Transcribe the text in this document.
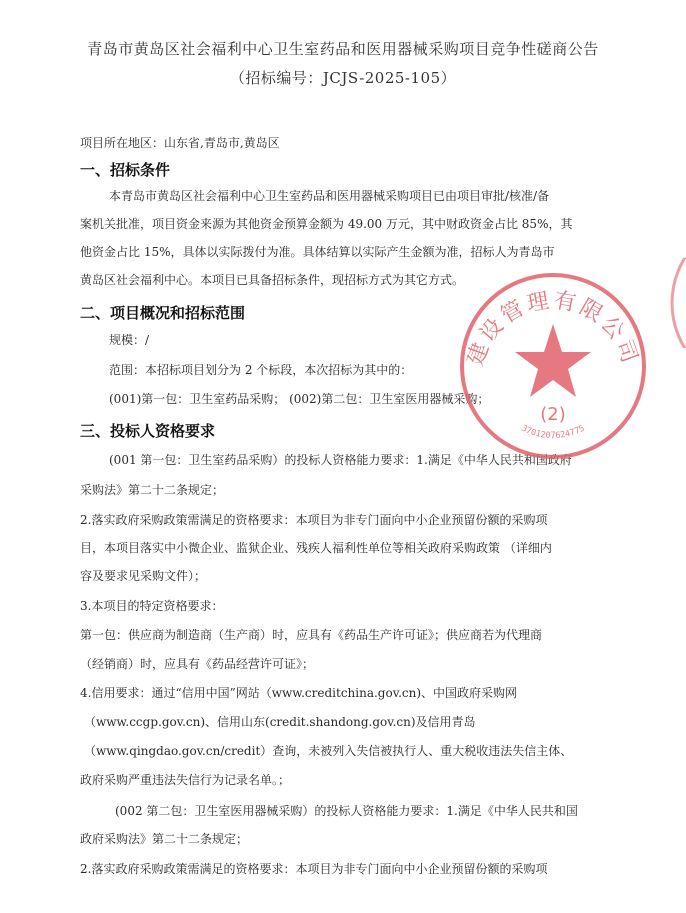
青岛市黄岛区社会福利中心卫生室药品和医用器械采购项目竞争性磋商公告
（招标编号：JCJS-2025-105）
项目所在地区：山东省,青岛市,黄岛区
一、招标条件
本青岛市黄岛区社会福利中心卫生室药品和医用器械采购项目已由项目审批/核准/备
案机关批准，项目资金来源为其他资金预算金额为 49.00 万元，其中财政资金占比 85%，其
他资金占比 15%，具体以实际拨付为准。具体结算以实际产生金额为准，招标人为青岛市
黄岛区社会福利中心。本项目已具备招标条件，现招标方式为其它方式。
二、项目概况和招标范围
规模：/
范围：本招标项目划分为 2 个标段，本次招标为其中的：
(001)第一包：卫生室药品采购； (002)第二包：卫生室医用器械采购；
三、投标人资格要求
(001 第一包：卫生室药品采购）的投标人资格能力要求：1.满足《中华人民共和国政府
采购法》第二十二条规定；
2.落实政府采购政策需满足的资格要求：本项目为非专门面向中小企业预留份额的采购项
目，本项目落实中小微企业、监狱企业、残疾人福利性单位等相关政府采购政策 （详细内
容及要求见采购文件）；
3.本项目的特定资格要求：
第一包：供应商为制造商（生产商）时，应具有《药品生产许可证》；供应商若为代理商
（经销商）时，应具有《药品经营许可证》；
4.信用要求：通过“信用中国”网站（www.creditchina.gov.cn)、中国政府采购网
（www.ccgp.gov.cn)、信用山东(credit.shandong.gov.cn)及信用青岛
（www.qingdao.gov.cn/credit）查询，未被列入失信被执行人、重大税收违法失信主体、
政府采购严重违法失信行为记录名单。；
(002 第二包：卫生室医用器械采购）的投标人资格能力要求：1.满足《中华人民共和国
政府采购法》第二十二条规定；
2.落实政府采购政策需满足的资格要求：本项目为非专门面向中小企业预留份额的采购项
建设管理有限公司
(2)
3701207624775
